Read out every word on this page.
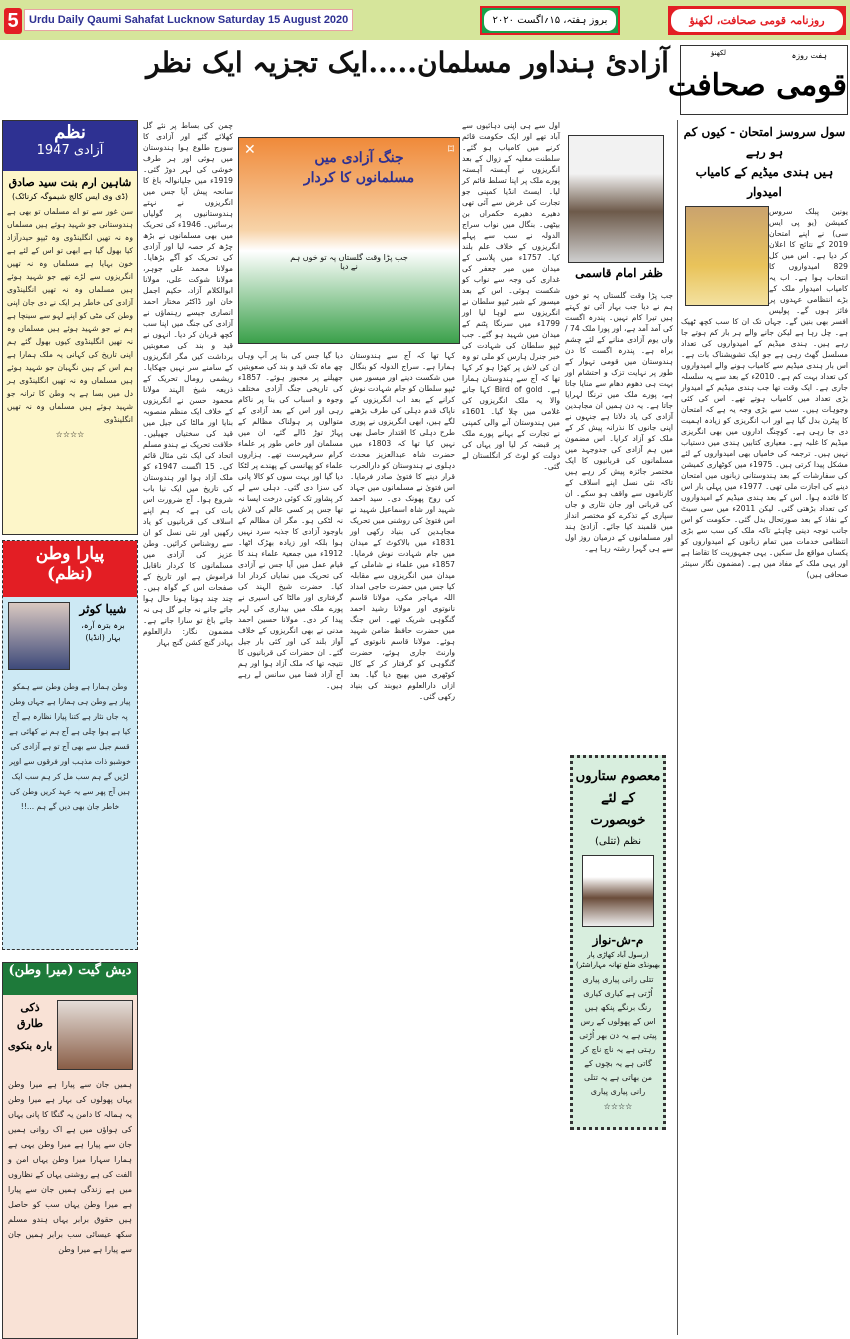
5 Urdu Daily Qaumi Sahafat Lucknow Saturday 15 August 2020	بروز ہفتہ، ۱۵؍اگست ۲۰۲۰	روزنامہ قومی صحافت، لکھنؤ
آزادئ ہنداور مسلمان.....ایک تجزیہ ایک نظر	ہفت روزہ
لکھنؤ
قومی صحافت
نظم
آزادی 1947
شاہین ارم بنت سید صادق
(ڈی وی ایس کالج شیموگہ کرناٹک)
سن غور سے تو اے مسلماں تو بھی ہے ہندوستانی جو شہید ہوئے ہیں مسلماں وہ نہ تھیں انگلینڈوی وہ ٹیپو حیدرآزاد کیا بھول گیا ہے ابھی تو اس کے لئے ہے خون بہایا ہے مسلماں وہ نہ تھیں انگریزوں سے لڑے تھے جو شہید ہوئے ہیں مسلماں وہ نہ تھیں انگلینڈوی آزادی کی خاطر ہر ایک نے دی جان اپنی وطن کی مٹی کو اپنے لہو سے سینچا ہے ہم نے جو شہید ہوئے ہیں مسلماں وہ نہ تھیں انگلینڈوی کیوں بھول گئے ہم اپنی تاریخ کی کہانی یہ ملک ہمارا ہے ہم اس کے ہیں نگہبان جو شہید ہوئے ہیں مسلماں وہ نہ تھیں انگلینڈوی ہر دل میں بسا ہے یہ وطن کا ترانہ جو شہید ہوئے ہیں مسلماں وہ نہ تھیں انگلینڈوی
☆☆☆☆
پیارا وطن
(نظم)
شیبا کوثر
برہ بترہ آرہ، بہار (انڈیا)
وطن ہمارا ہے وطن وطن سے ہمکو پیار ہے وطن ہی ہمارا ہے جہاں وطن پہ جاں نثار ہے کتنا پیارا نظارہ ہے آج کیا ہے ہوا چلی ہے آج ہم نے کھائی ہے قسم جیل سے بھی آج تو ہے آزادی کی خوشبو ذات مذہب اور فرقوں سے اوپر لڑیں گے ہم سب مل کر ہم سب ایک ہیں آج پھر سے یہ عہد کریں وطن کی خاطر جان بھی دیں گے ہم ...!!
دیش گیت (میرا وطن)
ذکی طارق
بارہ بنکوی
ہمیں جان سے پیارا ہے میرا وطن یہاں پھولوں کی بہار ہے میرا وطن یہ ہمالہ کا دامن یہ گنگا کا پانی یہاں کی ہواؤں میں ہے اک روانی ہمیں جان سے پیارا ہے میرا وطن یہی ہے ہمارا سہارا میرا وطن یہاں امن و الفت کی ہے روشنی یہاں کے نظاروں میں ہے زندگی ہمیں جان سے پیارا ہے میرا وطن یہاں سب کو حاصل ہیں حقوق برابر یہاں ہندو مسلم سکھ عیسائی سب برابر ہمیں جان سے پیارا ہے میرا وطن
چمن کی بساط پر نئے گل کھلائے گئے اور آزادی کا سورج طلوع ہوا ہندوستان میں ہوئی اور ہر طرف خوشی کی لہر دوڑ گئی۔ 1919ء میں جلیانوالہ باغ کا سانحہ پیش آیا جس میں انگریزوں نے نہتے ہندوستانیوں پر گولیاں برسائیں۔ 1946ء کی تحریک میں بھی مسلمانوں نے بڑھ چڑھ کر حصہ لیا اور آزادی کی تحریک کو آگے بڑھایا۔ مولانا محمد علی جوہر، مولانا شوکت علی، مولانا ابوالکلام آزاد، حکیم اجمل خان اور ڈاکٹر مختار احمد انصاری جیسے رہنماؤں نے آزادی کی جنگ میں اپنا سب کچھ قربان کر دیا۔ انہوں نے قید و بند کی صعوبتیں برداشت کیں مگر انگریزوں کے سامنے سر نہیں جھکایا۔ ریشمی رومال تحریک کے ذریعہ شیخ الہند مولانا محمود حسن نے انگریزوں کے خلاف ایک منظم منصوبہ بنایا اور مالٹا کی جیل میں قید کی سختیاں جھیلیں۔ خلافت تحریک نے ہندو مسلم اتحاد کی ایک نئی مثال قائم کی۔ 15 اگست 1947ء کو ملک آزاد ہوا اور ہندوستان کی تاریخ میں ایک نیا باب شروع ہوا۔ آج ضرورت اس بات کی ہے کہ ہم اپنے اسلاف کی قربانیوں کو یاد رکھیں اور نئی نسل کو ان سے روشناس کرائیں۔ وطن عزیز کی آزادی میں مسلمانوں کا کردار ناقابل فراموش ہے اور تاریخ کے صفحات اس کے گواہ ہیں۔ چند چند ہونا ہونا حال ہوا جاتے جانے نہ جانے گل ہی نہ جانے باغ تو سارا جانے ہے۔ مضمون نگار: دارالعلوم بہادر گنج کشن گنج بہار
✕	⌑
جنگ آزادی میں مسلمانوں کا کردار
جب پڑا وقت گلستاں پہ تو خوں ہم نے دیا
دیا گیا جس کی بنا پر آپ وہاں چھ ماہ تک قید و بند کی صعوبتیں جھیلنے پر مجبور ہوئے۔ 1857ء کی تاریخی جنگ آزادی مختلف وجوہ و اسباب کی بنا پر ناکام رہی اور اس کے بعد آزادی کے متوالوں پر ہولناک مظالم کے پہاڑ توڑ ڈالے گئے، ان میں مسلمان اور خاص طور پر علماء کرام سرفہرست تھے۔ ہزاروں علماء کو پھانسی کے پھندے پر لٹکا دیا گیا اور بہت سوں کو کالا پانی کی سزا دی گئی۔ دہلی سے لے کر پشاور تک کوئی درخت ایسا نہ تھا جس پر کسی عالم کی لاش نہ لٹکی ہو۔ مگر ان مظالم کے باوجود آزادی کا جذبہ سرد نہیں ہوا بلکہ اور زیادہ بھڑک اٹھا۔ 1912ء میں جمعیۃ علماء ہند کا قیام عمل میں آیا جس نے آزادی کی تحریک میں نمایاں کردار ادا کیا۔ حضرت شیخ الہند کی گرفتاری اور مالٹا کی اسیری نے پورے ملک میں بیداری کی لہر پیدا کر دی۔ مولانا حسین احمد مدنی نے بھی انگریزوں کے خلاف آواز بلند کی اور کئی بار جیل گئے۔ ان حضرات کی قربانیوں کا نتیجہ تھا کہ ملک آزاد ہوا اور ہم آج آزاد فضا میں سانس لے رہے ہیں۔
کہا تھا کہ آج سے ہندوستان ہمارا ہے۔ سراج الدولہ کو بنگال میں شکست دینے اور میسور میں ٹیپو سلطان کو جام شہادت نوش کرانے کے بعد اب انگریزوں کے ناپاک قدم دہلی کی طرف بڑھنے لگے ہیں، ابھی انگریزوں نے پوری طرح دہلی کا اقتدار حاصل بھی نہیں کیا تھا کہ 1803ء میں حضرت شاہ عبدالعزیز محدث دہلوی نے ہندوستان کو دارالحرب قرار دینے کا فتویٰ صادر فرمایا۔ اس فتویٰ نے مسلمانوں میں جہاد کی روح پھونک دی۔ سید احمد شہید اور شاہ اسماعیل شہید نے اس فتویٰ کی روشنی میں تحریک مجاہدین کی بنیاد رکھی اور 1831ء میں بالاکوٹ کے میدان میں جام شہادت نوش فرمایا۔ 1857ء میں علماء نے شاملی کے میدان میں انگریزوں سے مقابلہ کیا جس میں حضرت حاجی امداد اللہ مہاجر مکی، مولانا قاسم نانوتوی اور مولانا رشید احمد گنگوہی شریک تھے۔ اس جنگ میں حضرت حافظ ضامن شہید ہوئے۔ مولانا قاسم نانوتوی کے وارنٹ جاری ہوئے، حضرت گنگوہی کو گرفتار کر کے کال کوٹھری میں بھیج دیا گیا۔ بعد ازاں دارالعلوم دیوبند کی بنیاد رکھی گئی۔
اول سے ہی اپنی دہائیوں سے آباد تھے اور ایک حکومت قائم کرنے میں کامیاب ہو گئے۔ سلطنت مغلیہ کے زوال کے بعد انگریزوں نے آہستہ آہستہ پورے ملک پر اپنا تسلط قائم کر لیا۔ ایسٹ انڈیا کمپنی جو تجارت کی غرض سے آئی تھی دھیرے دھیرے حکمراں بن بیٹھی۔ بنگال میں نواب سراج الدولہ نے سب سے پہلے انگریزوں کے خلاف علم بلند کیا۔ 1757ء میں پلاسی کے میدان میں میر جعفر کی غداری کی وجہ سے نواب کو شکست ہوئی۔ اس کے بعد میسور کے شیر ٹیپو سلطان نے انگریزوں سے لوہا لیا اور 1799ء میں سرنگا پٹنم کے میدان میں شہید ہو گئے۔ جب ٹیپو سلطان کی شہادت کی خبر جنرل ہارس کو ملی تو وہ ان کی لاش پر کھڑا ہو کر کہا تھا کہ آج سے ہندوستان ہمارا ہے۔ Bird of gold کہا جانے والا یہ ملک انگریزوں کی غلامی میں چلا گیا۔ 1601ء میں ہندوستان آنے والی کمپنی نے تجارت کے بہانے پورے ملک پر قبضہ کر لیا اور یہاں کی دولت کو لوٹ کر انگلستان لے گئی۔
ظفر امام قاسمی
جب پڑا وقت گلستاں پہ تو خوں ہم نے دیا جب بہار آئی تو کہتے ہیں تیرا کام نہیں۔ پندرہ اگست کی آمد آمد ہے، اور پورا ملک 74 / واں یوم آزادی منانے کے لئے چشم براہ ہے۔ پندرہ اگست کا دن ہندوستان میں قومی تہوار کے طور پر نہایت تزک و احتشام اور بہت ہی دھوم دھام سے منایا جاتا ہے، پورے ملک میں ترنگا لہرایا جاتا ہے۔ یہ دن ہمیں ان مجاہدین آزادی کی یاد دلاتا ہے جنہوں نے اپنی جانوں کا نذرانہ پیش کر کے ملک کو آزاد کرایا۔ اس مضمون میں ہم آزادی کی جدوجہد میں مسلمانوں کی قربانیوں کا ایک مختصر جائزہ پیش کر رہے ہیں تاکہ نئی نسل اپنے اسلاف کے کارناموں سے واقف ہو سکے۔ ان کی قربانی اور جان نثاری و جاں سپاری کے تذکرے کو مختصر انداز میں قلمبند کیا جائے۔ آزادئ ہند اور مسلمانوں کے درمیان روز اول سے ہی گہرا رشتہ رہا ہے۔
معصوم ستاروں کے لئے خوبصورت
نظم (تتلی)
م-ش-نواز
(رسول آباد کھاڑی پار بھیونڈی ضلع تھانہ مہاراشٹر)
تتلی رانی پیاری پیاری اُڑتی ہے کیاری کیاری رنگ برنگے پنکھ ہیں اس کے پھولوں کے رس پیتی ہے یہ دن بھر اُڑتی رہتی ہے یہ ناچ ناچ کر گاتی ہے یہ بچوں کے من بھاتی ہے یہ تتلی رانی پیاری پیاری
☆☆☆☆
سول سروسز امتحان - کیوں کم ہو رہے
ہیں ہندی میڈیم کے کامیاب امیدوار
یونین پبلک سروس کمیشن (یو پی ایس سی) نے اپنے امتحان 2019 کے نتائج کا اعلان کر دیا ہے۔ اس میں کل 829 امیدواروں کا انتخاب ہوا ہے۔ اب یہ کامیاب امیدوار ملک کے بڑے انتظامی عہدوں پر فائز ہوں گے۔ پولیس افسر بھی بنیں گے۔ جہاں تک ان کا سب کچھ ٹھیک ہے۔ چل رہا ہے لیکن جانے والے ہر بار کم ہوتے جا رہے ہیں۔ ہندی میڈیم کے امیدواروں کی تعداد مسلسل گھٹ رہی ہے جو ایک تشویشناک بات ہے۔ اس بار ہندی میڈیم سے کامیاب ہونے والے امیدواروں کی تعداد بہت کم ہے۔ 2010ء کے بعد سے یہ سلسلہ جاری ہے۔ ایک وقت تھا جب ہندی میڈیم کے امیدوار بڑی تعداد میں کامیاب ہوتے تھے۔ اس کی کئی وجوہات ہیں۔ سب سے بڑی وجہ یہ ہے کہ امتحان کا پیٹرن بدل گیا ہے اور اب انگریزی کو زیادہ اہمیت دی جا رہی ہے۔ کوچنگ اداروں میں بھی انگریزی میڈیم کا غلبہ ہے۔ معیاری کتابیں ہندی میں دستیاب نہیں ہیں۔ ترجمہ کی خامیاں بھی امیدواروں کے لئے مشکل پیدا کرتی ہیں۔ 1975ء میں کوٹھاری کمیشن کی سفارشات کے بعد ہندوستانی زبانوں میں امتحان دینے کی اجازت ملی تھی۔ 1977ء میں پہلی بار اس کا فائدہ ہوا۔ اس کے بعد ہندی میڈیم کے امیدواروں کی تعداد بڑھتی گئی۔ لیکن 2011ء میں سی سیٹ کے نفاذ کے بعد صورتحال بدل گئی۔ حکومت کو اس جانب توجہ دینی چاہئے تاکہ ملک کی سب سے بڑی انتظامی خدمات میں تمام زبانوں کے امیدواروں کو یکساں مواقع مل سکیں۔ یہی جمہوریت کا تقاضا ہے اور یہی ملک کے مفاد میں ہے۔ (مضمون نگار سینئر صحافی ہیں)
